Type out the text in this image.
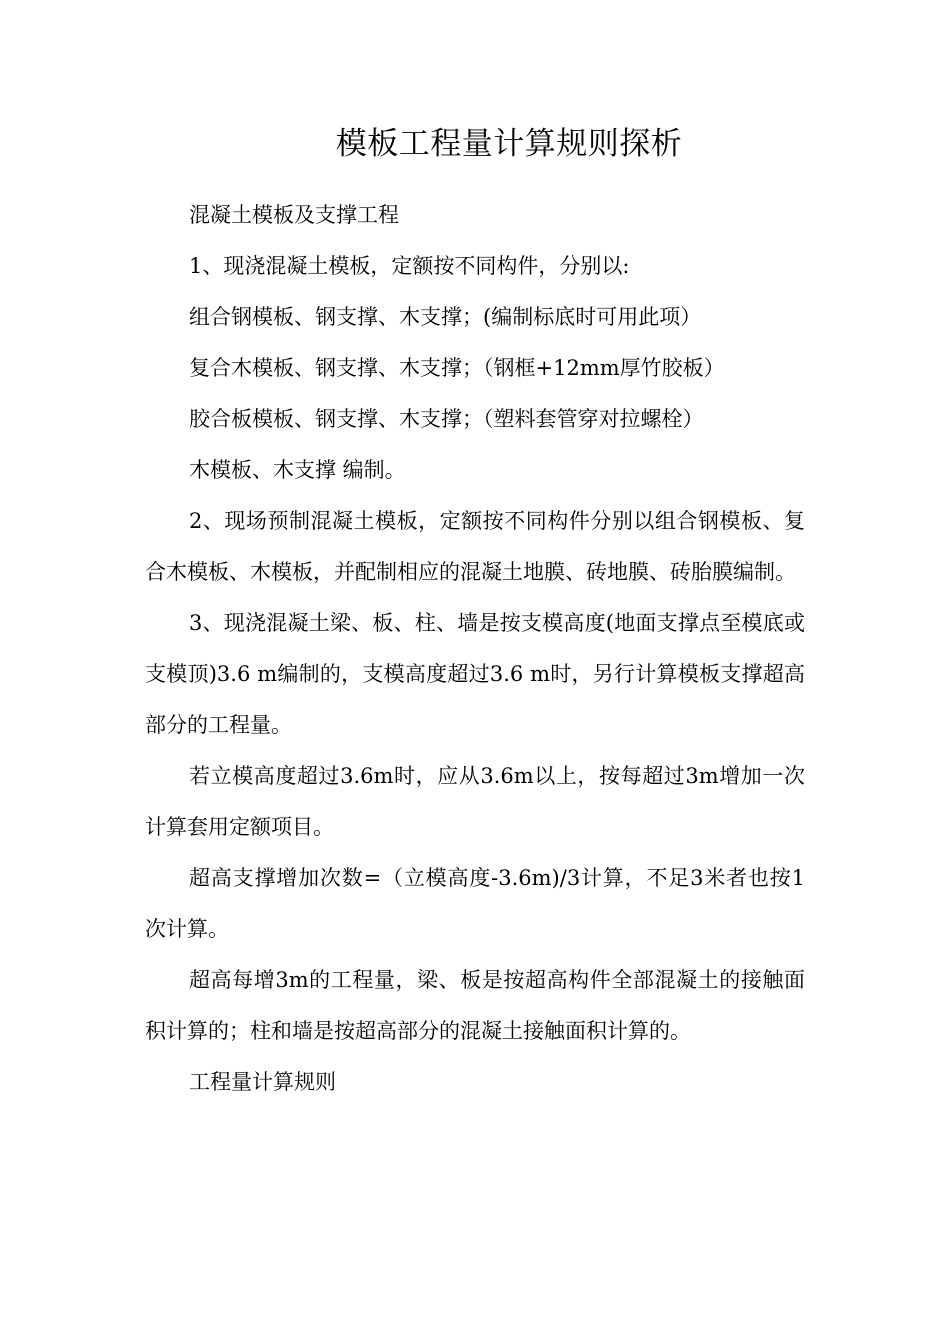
模板工程量计算规则探析

混凝土模板及支撑工程

1、现浇混凝土模板，定额按不同构件，分别以:

组合钢模板、钢支撑、木支撑；(编制标底时可用此项）

复合木模板、钢支撑、木支撑；（钢框+12mm厚竹胶板）

胶合板模板、钢支撑、木支撑；（塑料套管穿对拉螺栓）

木模板、木支撑 编制。

2、现场预制混凝土模板，定额按不同构件分别以组合钢模板、复合木模板、木模板，并配制相应的混凝土地膜、砖地膜、砖胎膜编制。

3、现浇混凝土梁、板、柱、墙是按支模高度(地面支撑点至模底或支模顶)3.6 m编制的，支模高度超过3.6 m时，另行计算模板支撑超高部分的工程量。

若立模高度超过3.6m时，应从3.6m以上，按每超过3m增加一次计算套用定额项目。

超高支撑增加次数=（立模高度-3.6m)/3计算，不足3米者也按1次计算。

超高每增3m的工程量，梁、板是按超高构件全部混凝土的接触面积计算的；柱和墙是按超高部分的混凝土接触面积计算的。

工程量计算规则
